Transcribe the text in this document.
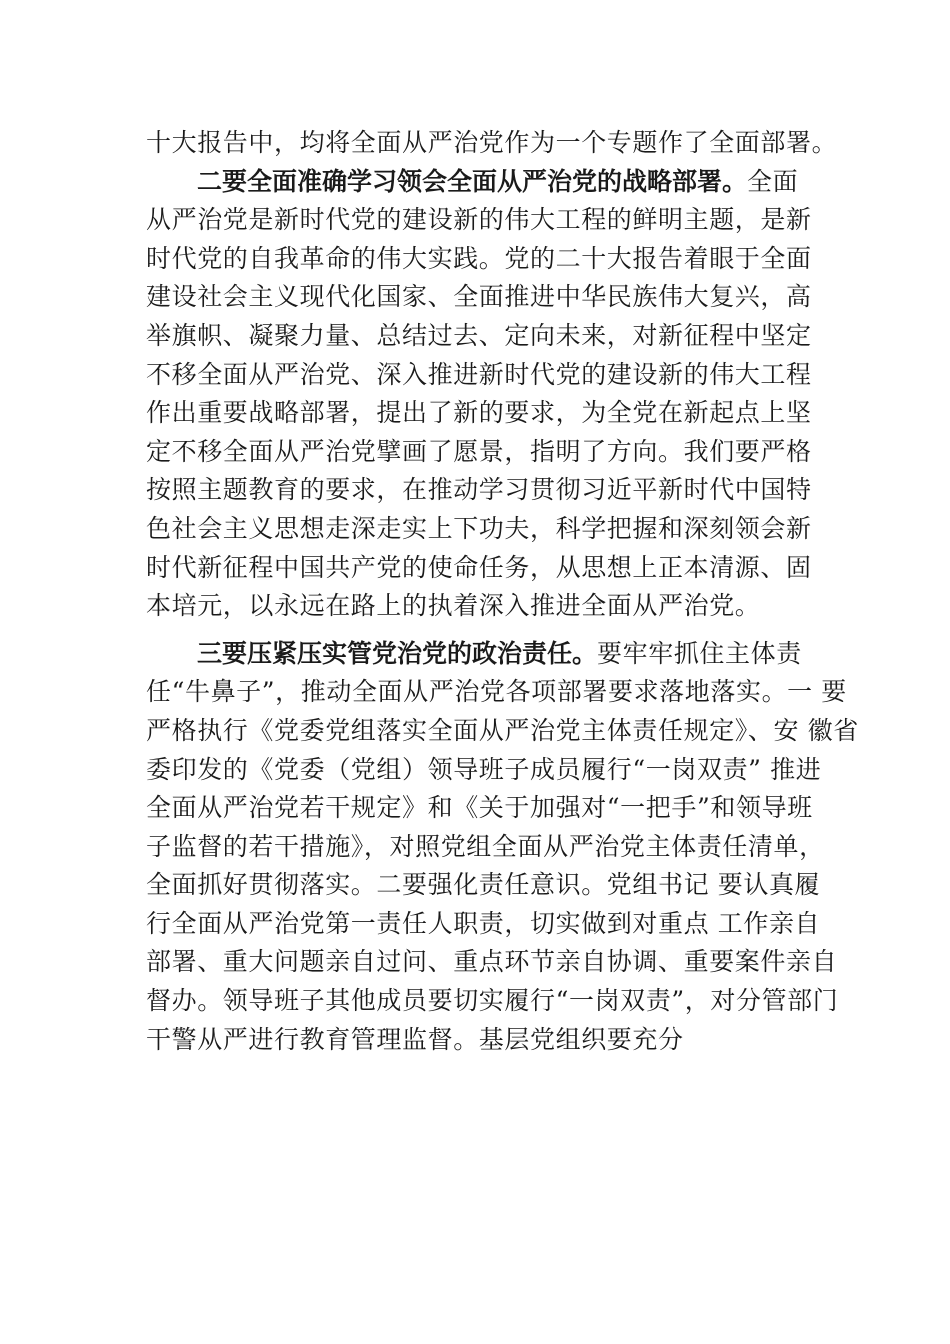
十大报告中，均将全面从严治党作为一个专题作了全面部署。
二要全面准确学习领会全面从严治党的战略部署。全面
从严治党是新时代党的建设新的伟大工程的鲜明主题，是新
时代党的自我革命的伟大实践。党的二十大报告着眼于全面
建设社会主义现代化国家、全面推进中华民族伟大复兴，高
举旗帜、凝聚力量、总结过去、定向未来，对新征程中坚定
不移全面从严治党、深入推进新时代党的建设新的伟大工程
作出重要战略部署，提出了新的要求，为全党在新起点上坚
定不移全面从严治党擘画了愿景，指明了方向。我们要严格
按照主题教育的要求，在推动学习贯彻习近平新时代中国特
色社会主义思想走深走实上下功夫，科学把握和深刻领会新
时代新征程中国共产党的使命任务，从思想上正本清源、固
本培元，以永远在路上的执着深入推进全面从严治党。
三要压紧压实管党治党的政治责任。要牢牢抓住主体责
任“牛鼻子”，推动全面从严治党各项部署要求落地落实。一 要
严格执行《党委党组落实全面从严治党主体责任规定》、安 徽省
委印发的《党委（党组）领导班子成员履行“一岗双责” 推进
全面从严治党若干规定》和《关于加强对“一把手”和领导班
子监督的若干措施》，对照党组全面从严治党主体责任清单，
全面抓好贯彻落实。二要强化责任意识。党组书记 要认真履
行全面从严治党第一责任人职责，切实做到对重点 工作亲自
部署、重大问题亲自过问、重点环节亲自协调、重要案件亲自
督办。领导班子其他成员要切实履行“一岗双责”，对分管部门
干警从严进行教育管理监督。基层党组织要充分
